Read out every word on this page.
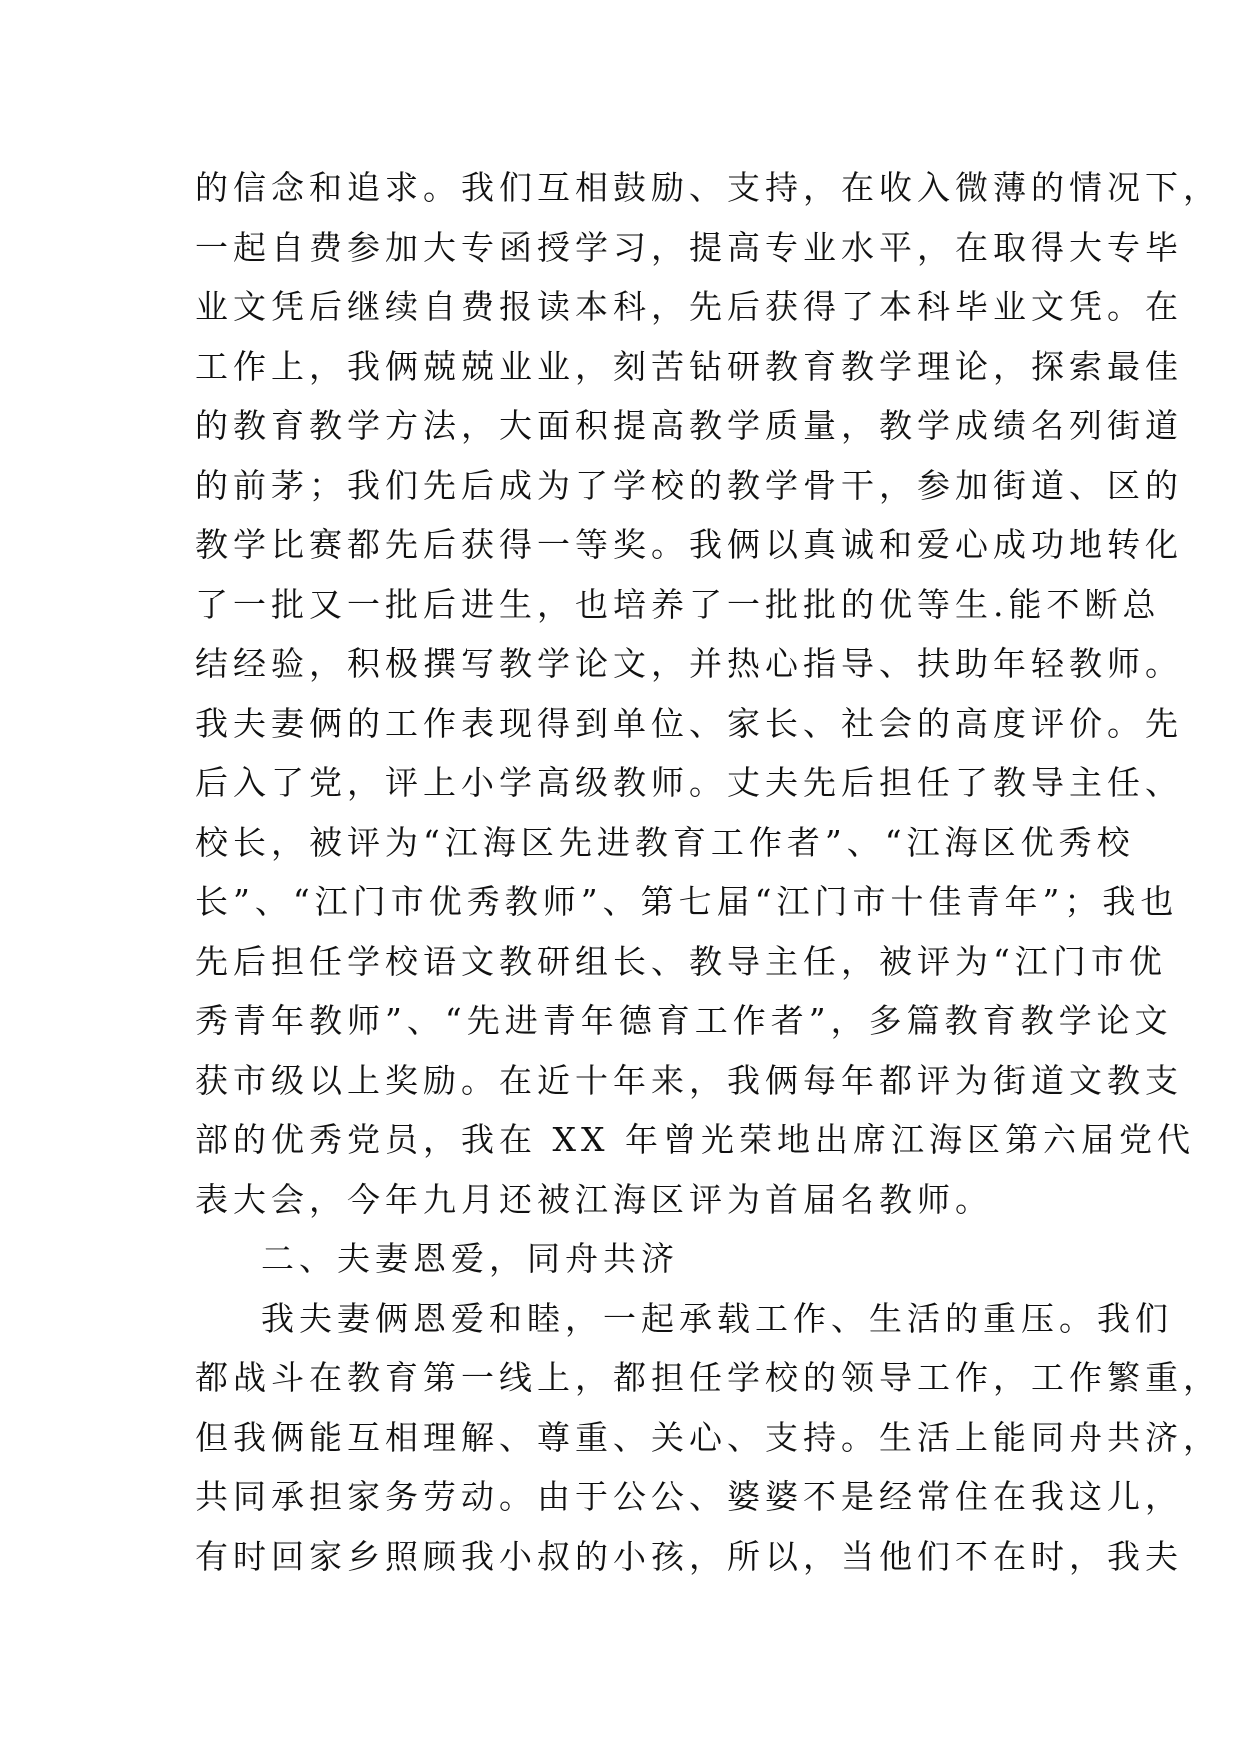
的信念和追求。我们互相鼓励、支持，在收入微薄的情况下，
一起自费参加大专函授学习，提高专业水平，在取得大专毕
业文凭后继续自费报读本科，先后获得了本科毕业文凭。在
工作上，我俩兢兢业业，刻苦钻研教育教学理论，探索最佳
的教育教学方法，大面积提高教学质量，教学成绩名列街道
的前茅；我们先后成为了学校的教学骨干，参加街道、区的
教学比赛都先后获得一等奖。我俩以真诚和爱心成功地转化
了一批又一批后进生，也培养了一批批的优等生.能不断总
结经验，积极撰写教学论文，并热心指导、扶助年轻教师。
我夫妻俩的工作表现得到单位、家长、社会的高度评价。先
后入了党，评上小学高级教师。丈夫先后担任了教导主任、
校长，被评为“江海区先进教育工作者”、“江海区优秀校
长”、“江门市优秀教师”、第七届“江门市十佳青年”；我也
先后担任学校语文教研组长、教导主任，被评为“江门市优
秀青年教师”、“先进青年德育工作者”，多篇教育教学论文
获市级以上奖励。在近十年来，我俩每年都评为街道文教支
部的优秀党员，我在 XX 年曾光荣地出席江海区第六届党代
表大会，今年九月还被江海区评为首届名教师。
二、夫妻恩爱，同舟共济
我夫妻俩恩爱和睦，一起承载工作、生活的重压。我们
都战斗在教育第一线上，都担任学校的领导工作，工作繁重，
但我俩能互相理解、尊重、关心、支持。生活上能同舟共济，
共同承担家务劳动。由于公公、婆婆不是经常住在我这儿，
有时回家乡照顾我小叔的小孩，所以，当他们不在时，我夫
